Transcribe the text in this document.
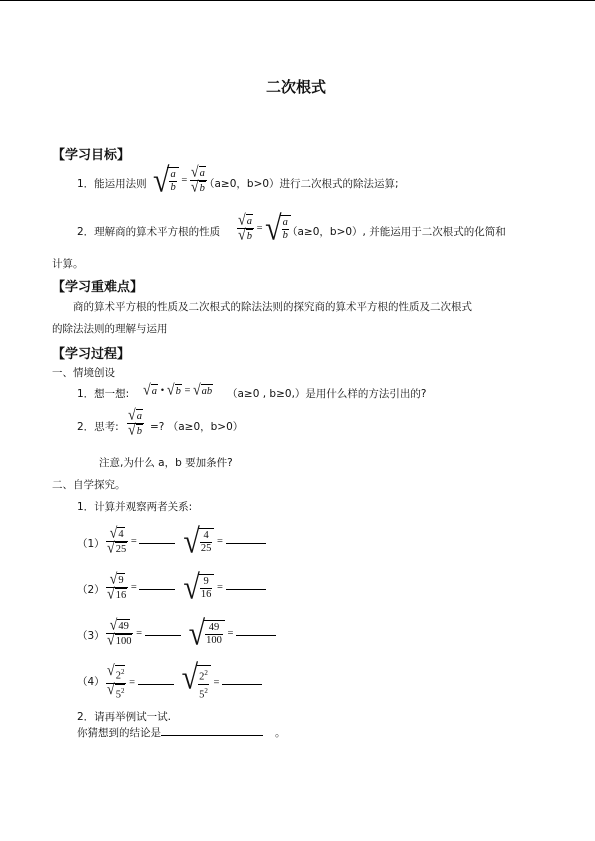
二次根式
【学习目标】
1．能运用法则 √ $\frac{a}{b} = \frac{√ a}{√ b}$
（a≥0，b>0）进行二次根式的除法运算;
2．理解商的算术平方根的性质 $\frac{√ a}{√ b}$ = √ $\frac{a}{b}$
（a≥0，b>0）, 并能运用于二次根式的化简和
计算。
【学习重难点】
商的算术平方根的性质及二次根式的除法法则的探究商的算术平方根的性质及二次根式
的除法法则的理解与运用
【学习过程】
一、情境创设
1．想一想: √ a • √ b = √ ab （a≥0 , b≥0,）是用什么样的方法引出的?
2．思考: $\frac{√ a}{√ b}$ =? （a≥0，b>0）
注意,为什么 a，b 要加条件?
二、自学探究。
1．计算并观察两者关系:
$(1) \frac{√ 4}{√ 25}$ = √ $\frac{4}{25}$ =
$(2) \frac{√ 9}{√ 16}$ = √ $\frac{9}{16}$ =
$(3) \frac{√ 49}{√ 100}$ = √ $\frac{49}{100}$ =
$(4) \frac{√ 2^2}{√ 5^2}$ = √ $\frac{2^2}{5^2}$ =
2．请再举例试一试.
你猜想到的结论是	。
